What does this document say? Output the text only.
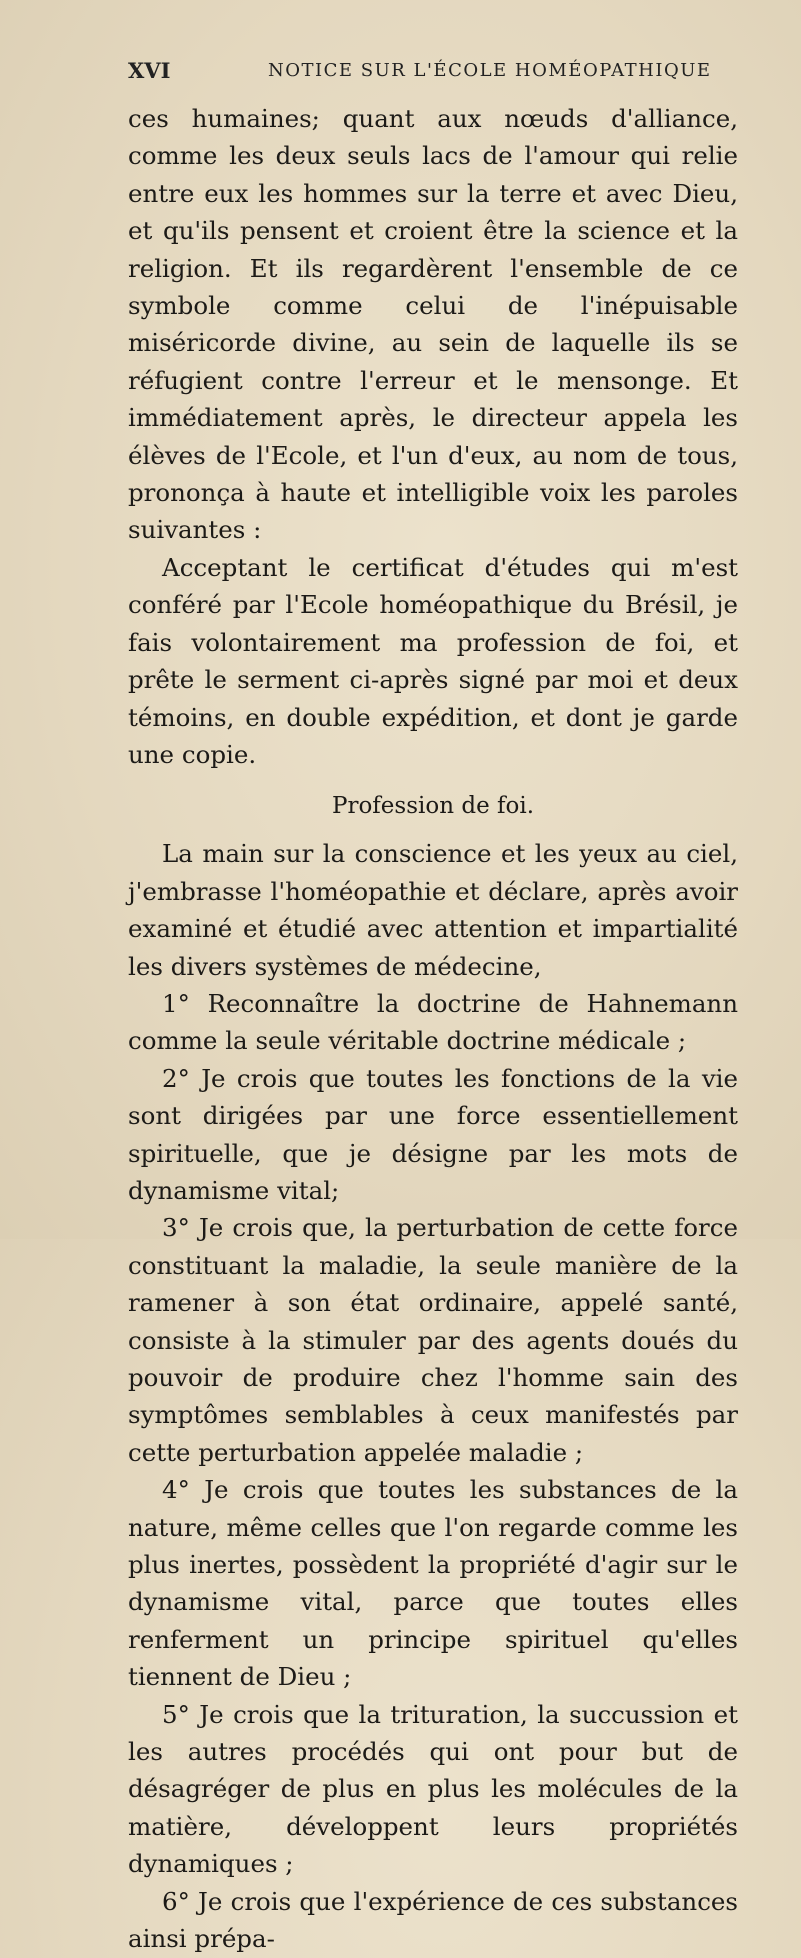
XVI	NOTICE SUR L'ÉCOLE HOMÉOPATHIQUE

ces humaines; quant aux nœuds d'alliance, comme les deux seuls lacs de l'amour qui relie entre eux les hommes sur la terre et avec Dieu, et qu'ils pensent et croient être la science et la religion. Et ils regardèrent l'ensemble de ce symbole comme celui de l'inépuisable miséricorde divine, au sein de laquelle ils se réfugient contre l'erreur et le mensonge. Et immédiatement après, le directeur appela les élèves de l'Ecole, et l'un d'eux, au nom de tous, prononça à haute et intelligible voix les paroles suivantes :

Acceptant le certificat d'études qui m'est conféré par l'Ecole homéopathique du Brésil, je fais volontairement ma profession de foi, et prête le serment ci-après signé par moi et deux témoins, en double expédition, et dont je garde une copie.

Profession de foi.

La main sur la conscience et les yeux au ciel, j'embrasse l'homéopathie et déclare, après avoir examiné et étudié avec attention et impartialité les divers systèmes de médecine,

1° Reconnaître la doctrine de Hahnemann comme la seule véritable doctrine médicale ;

2° Je crois que toutes les fonctions de la vie sont dirigées par une force essentiellement spirituelle, que je désigne par les mots de dynamisme vital;

3° Je crois que, la perturbation de cette force constituant la maladie, la seule manière de la ramener à son état ordinaire, appelé santé, consiste à la stimuler par des agents doués du pouvoir de produire chez l'homme sain des symptômes semblables à ceux manifestés par cette perturbation appelée maladie ;

4° Je crois que toutes les substances de la nature, même celles que l'on regarde comme les plus inertes, possèdent la propriété d'agir sur le dynamisme vital, parce que toutes elles renferment un principe spirituel qu'elles tiennent de Dieu ;

5° Je crois que la trituration, la succussion et les autres procédés qui ont pour but de désagréger de plus en plus les molécules de la matière, développent leurs propriétés dynamiques ;

6° Je crois que l'expérience de ces substances ainsi prépa-
